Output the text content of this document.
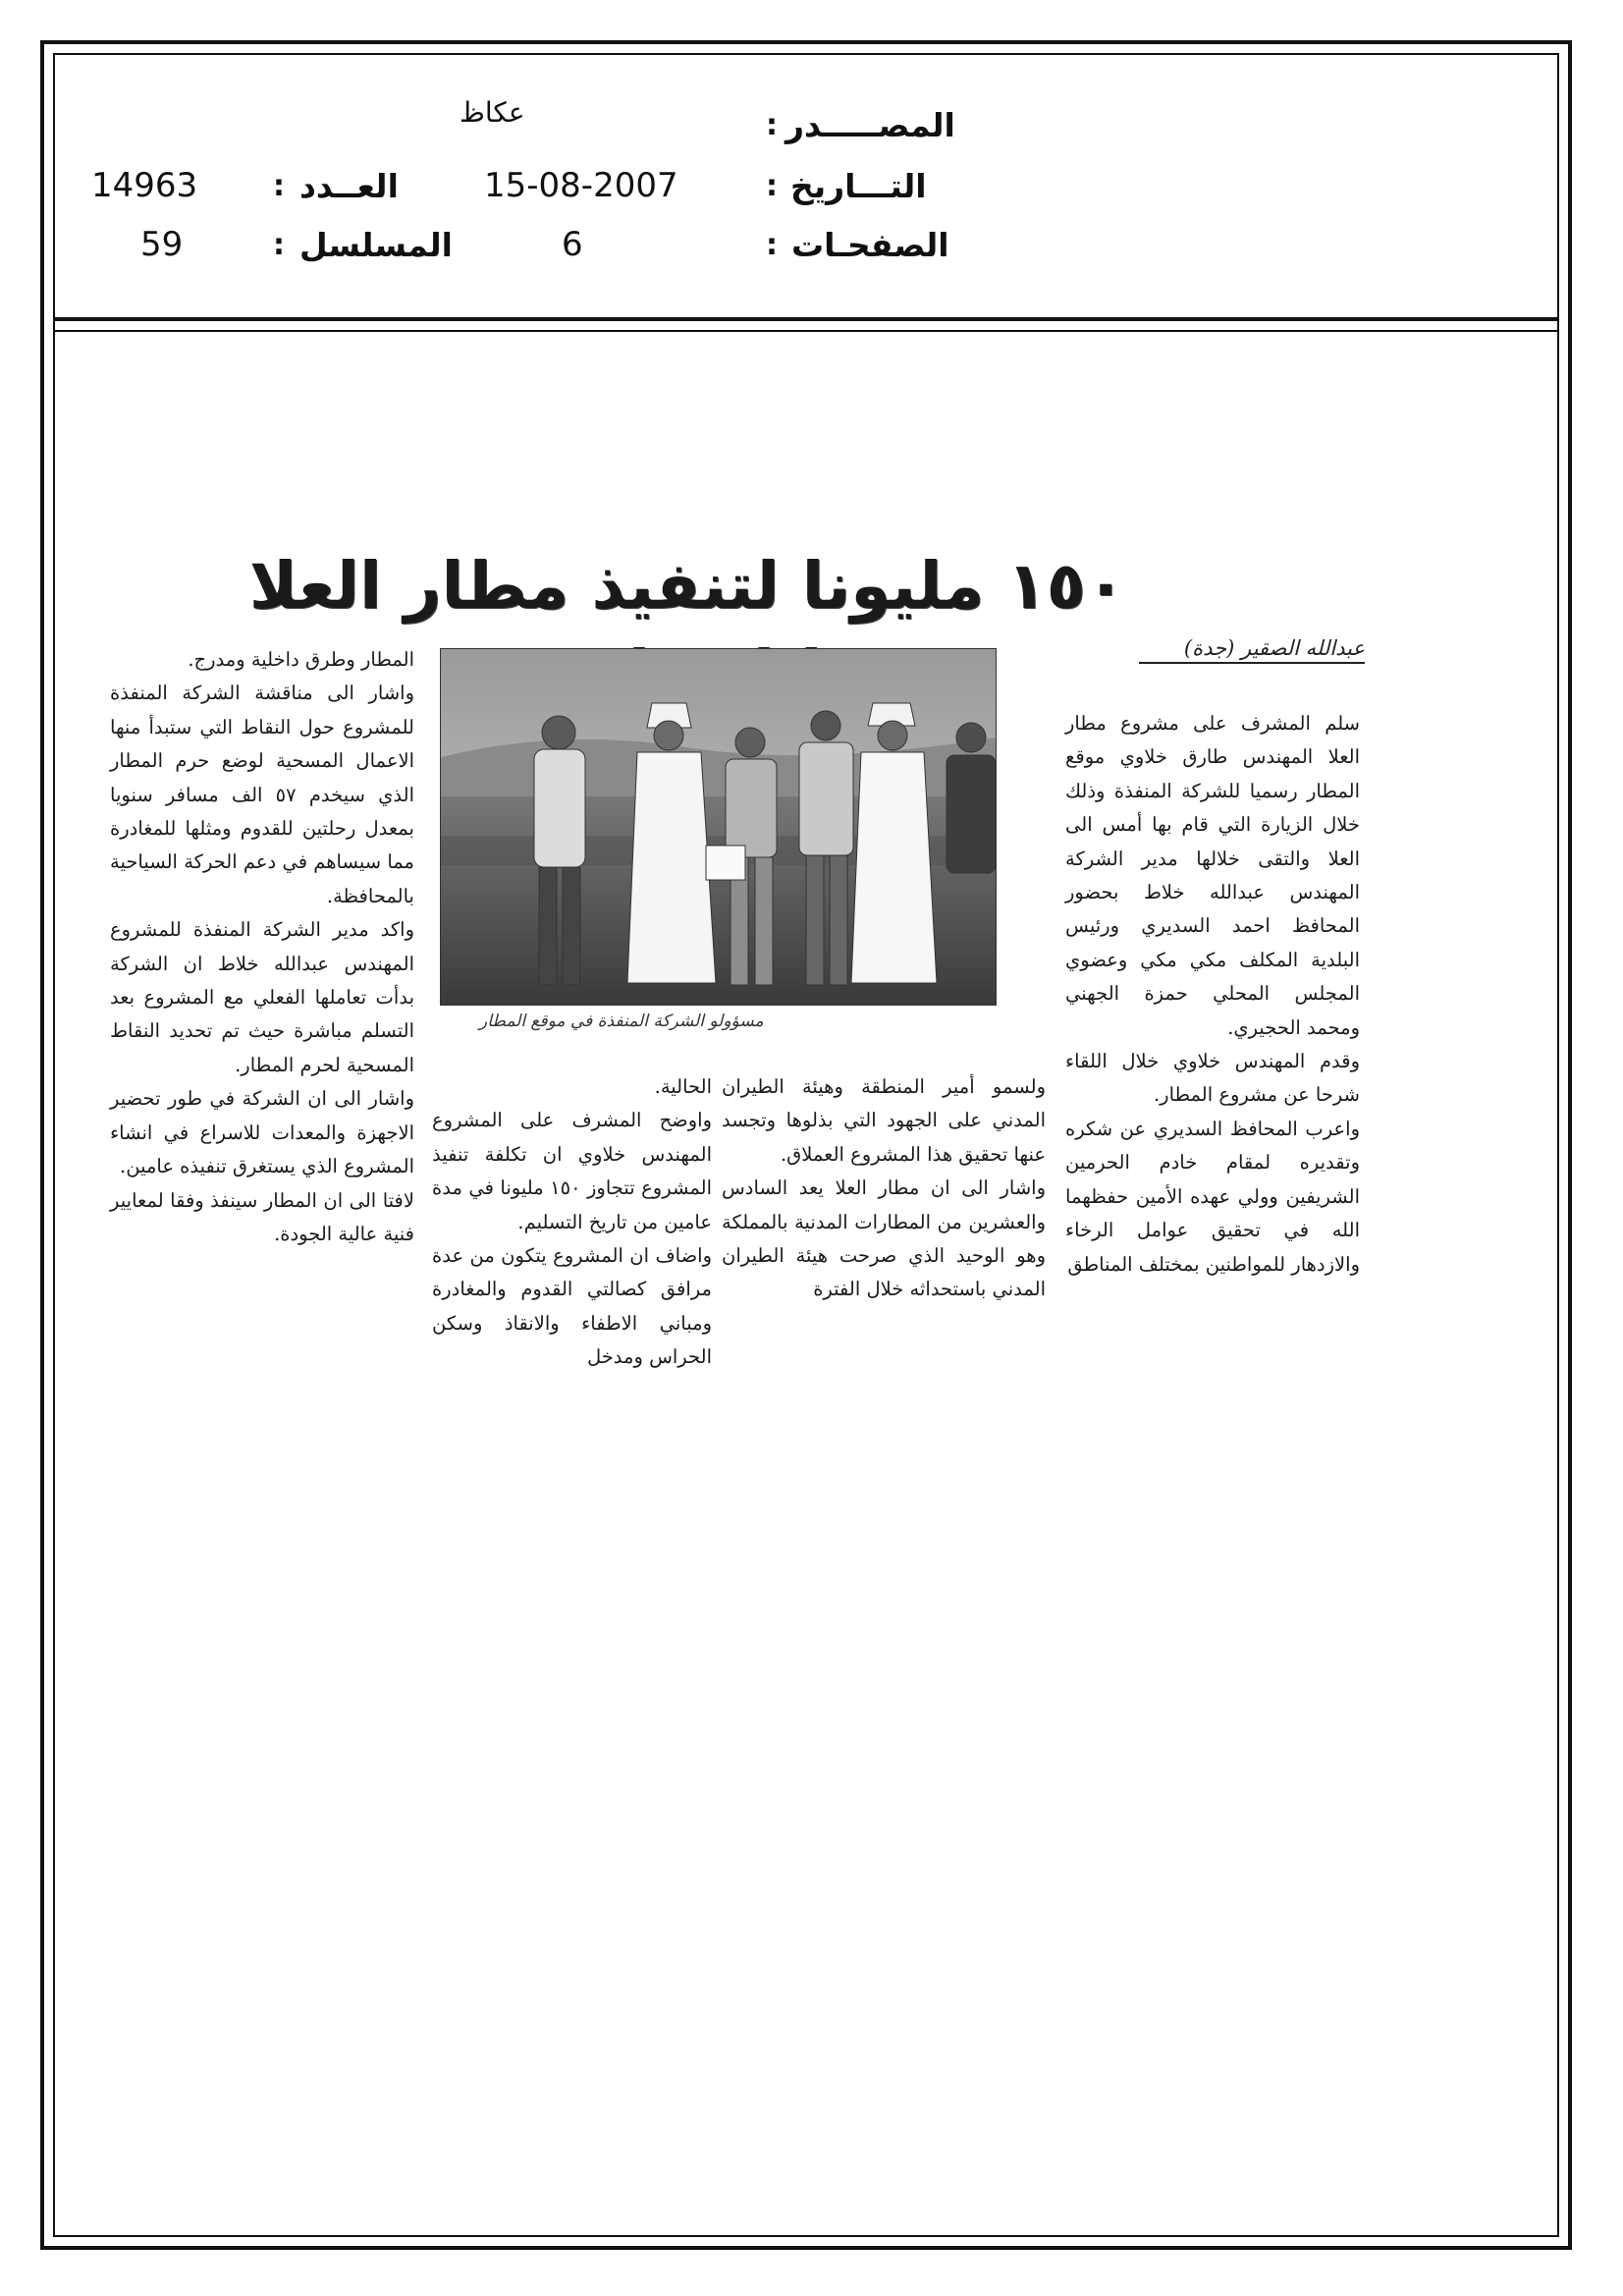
المصـــــدر
:
عكاظ
التـــاريخ
:
15-08-2007
الصفحـات
:
6
العــدد
:
14963
المسلسل
:
59
١٥٠ مليونا لتنفيذ مطار العلا
عبدالله الصقير (جدة)
مسؤولو الشركة المنفذة في موقع المطار

سلم المشرف على مشروع مطار العلا المهندس طارق خلاوي موقع المطار رسميا للشركة المنفذة وذلك خلال الزيارة التي قام بها أمس الى العلا والتقى خلالها مدير الشركة المهندس عبدالله خلاط بحضور المحافظ احمد السديري ورئيس البلدية المكلف مكي مكي وعضوي المجلس المحلي حمزة الجهني ومحمد الحجيري.

وقدم المهندس خلاوي خلال اللقاء شرحا عن مشروع المطار.

واعرب المحافظ السديري عن شكره وتقديره لمقام خادم الحرمين الشريفين وولي عهده الأمين حفظهما الله في تحقيق عوامل الرخاء والازدهار للمواطنين بمختلف المناطق

ولسمو أمير المنطقة وهيئة الطيران المدني على الجهود التي بذلوها وتجسد عنها تحقيق هذا المشروع العملاق.

واشار الى ان مطار العلا يعد السادس والعشرين من المطارات المدنية بالمملكة وهو الوحيد الذي صرحت هيئة الطيران المدني باستحداثه خلال الفترة

الحالية.

واوضح المشرف على المشروع المهندس خلاوي ان تكلفة تنفيذ المشروع تتجاوز ١٥٠ مليونا في مدة عامين من تاريخ التسليم.

واضاف ان المشروع يتكون من عدة مرافق كصالتي القدوم والمغادرة ومباني الاطفاء والانقاذ وسكن الحراس ومدخل

المطار وطرق داخلية ومدرج.

واشار الى مناقشة الشركة المنفذة للمشروع حول النقاط التي ستبدأ منها الاعمال المسحية لوضع حرم المطار الذي سيخدم ٥٧ الف مسافر سنويا بمعدل رحلتين للقدوم ومثلها للمغادرة مما سيساهم في دعم الحركة السياحية بالمحافظة.

واكد مدير الشركة المنفذة للمشروع المهندس عبدالله خلاط ان الشركة بدأت تعاملها الفعلي مع المشروع بعد التسلم مباشرة حيث تم تحديد النقاط المسحية لحرم المطار.

واشار الى ان الشركة في طور تحضير الاجهزة والمعدات للاسراع في انشاء المشروع الذي يستغرق تنفيذه عامين.

لافتا الى ان المطار سينفذ وفقا لمعايير فنية عالية الجودة.
